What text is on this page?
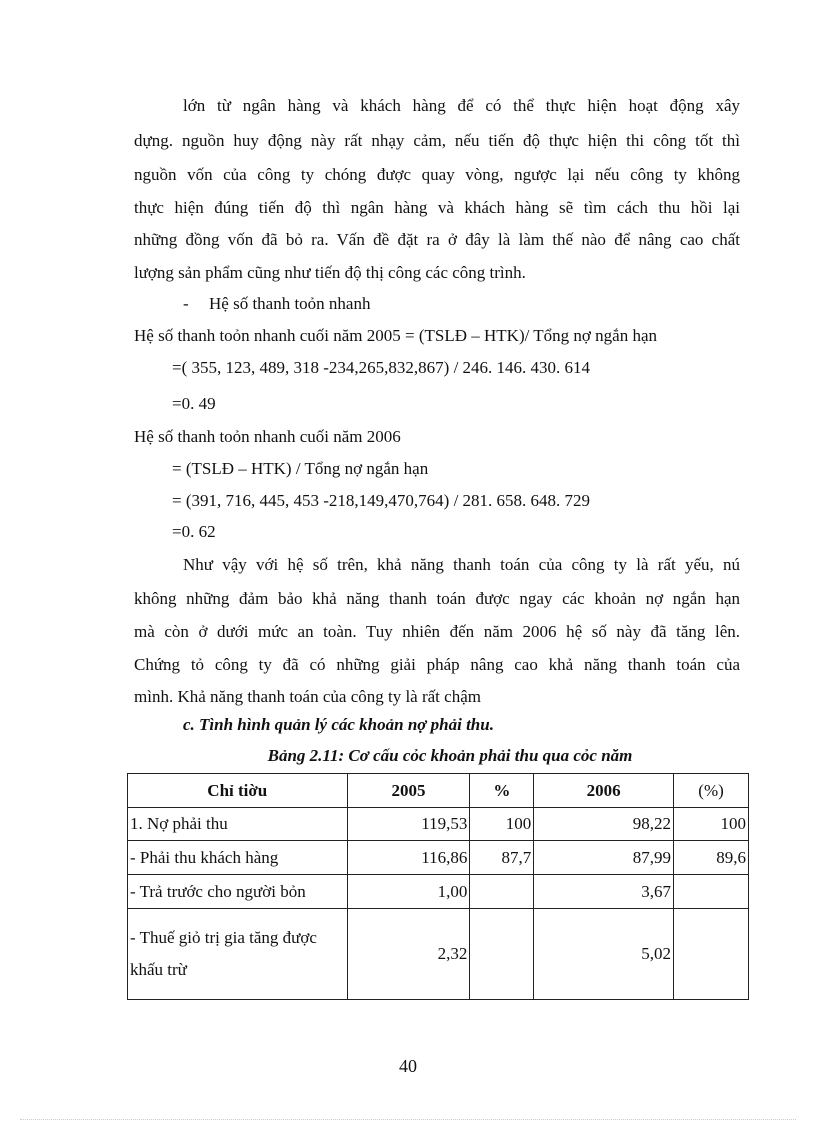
lớn từ ngân hàng và khách hàng để có thể thực hiện hoạt động xây
dựng. nguồn huy động này rất nhạy cảm, nếu tiến độ thực hiện thi công tốt thì
nguồn vốn của công ty chóng được quay vòng, ngược lại nếu công ty không
thực hiện đúng tiến độ thì ngân hàng và khách hàng sẽ tìm cách thu hồi lại
những đồng vốn đã bỏ ra. Vấn đề đặt ra ở đây là làm thế nào để nâng cao chất
lượng sản phẩm cũng như tiến độ thị công các công trình.
- Hệ số thanh toỏn nhanh
Hệ số thanh toỏn nhanh cuối năm 2005 = (TSLĐ – HTK)/ Tổng nợ ngắn hạn
=( 355, 123, 489, 318 -234,265,832,867) / 246. 146. 430. 614
=0. 49
Hệ số thanh toỏn nhanh cuối năm 2006
= (TSLĐ – HTK) / Tổng nợ ngắn hạn
= (391, 716, 445, 453 -218,149,470,764) / 281. 658. 648. 729
=0. 62
Như vậy với hệ số trên, khả năng thanh toán của công ty là rất yếu, nú
không những đảm bảo khả năng thanh toán được ngay các khoản nợ ngắn hạn
mà còn ở dưới mức an toàn. Tuy nhiên đến năm 2006 hệ số này đã tăng lên.
Chứng tỏ công ty đã có những giải pháp nâng cao khả năng thanh toán của
mình. Khả năng thanh toán của công ty là rất chậm
c. Tình hình quản lý các khoản nợ phải thu.
Bảng 2.11: Cơ cấu cỏc khoản phải thu qua cỏc năm
Chỉ tiờu	2005	%	2006	(%)
1. Nợ phải thu	119,53	100	98,22	100
- Phải thu khách hàng	116,86	87,7	87,99	89,6
- Trả trước cho người bỏn	1,00		3,67	
- Thuế giỏ trị gia tăng được
khấu trừ	2,32		5,02	
40
